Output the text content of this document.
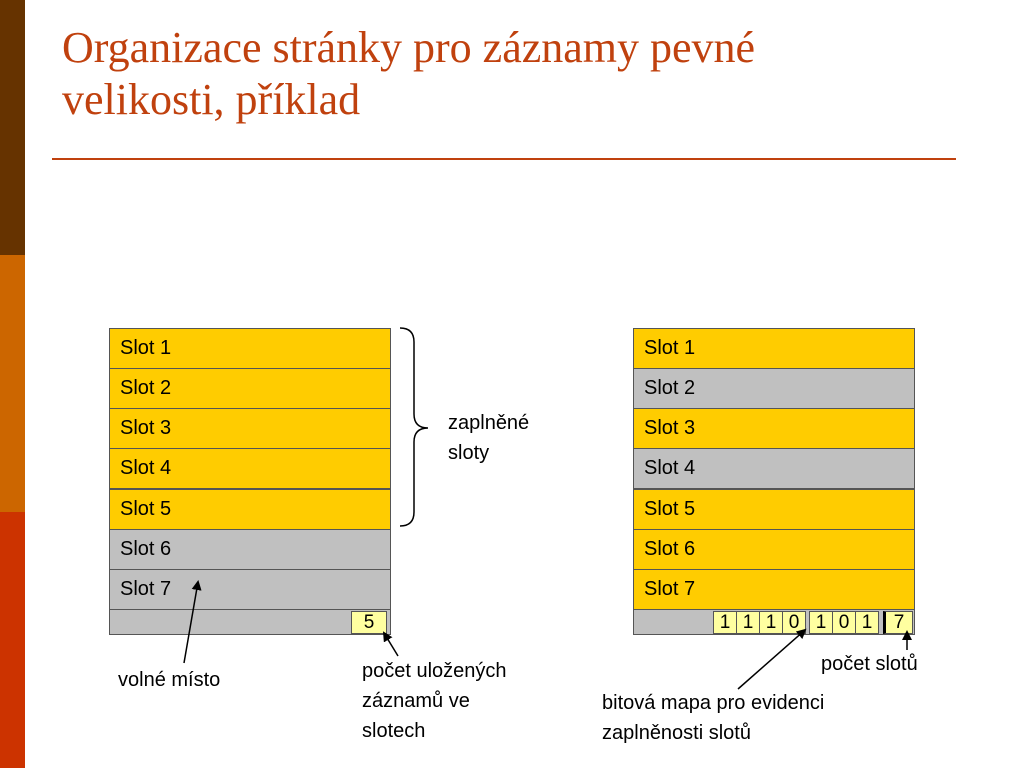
Organizace stránky pro záznamy pevné
velikosti, příklad
Slot 1
Slot 2
Slot 3
Slot 4
Slot 5
Slot 6
Slot 7
5
Slot 1
Slot 2
Slot 3
Slot 4
Slot 5
Slot 6
Slot 7
1 1 1 0 1 0 1	7
zaplněné
sloty
volné místo	počet uložených
záznamů ve
slotech
počet slotů
bitová mapa pro evidenci
zaplněnosti slotů
